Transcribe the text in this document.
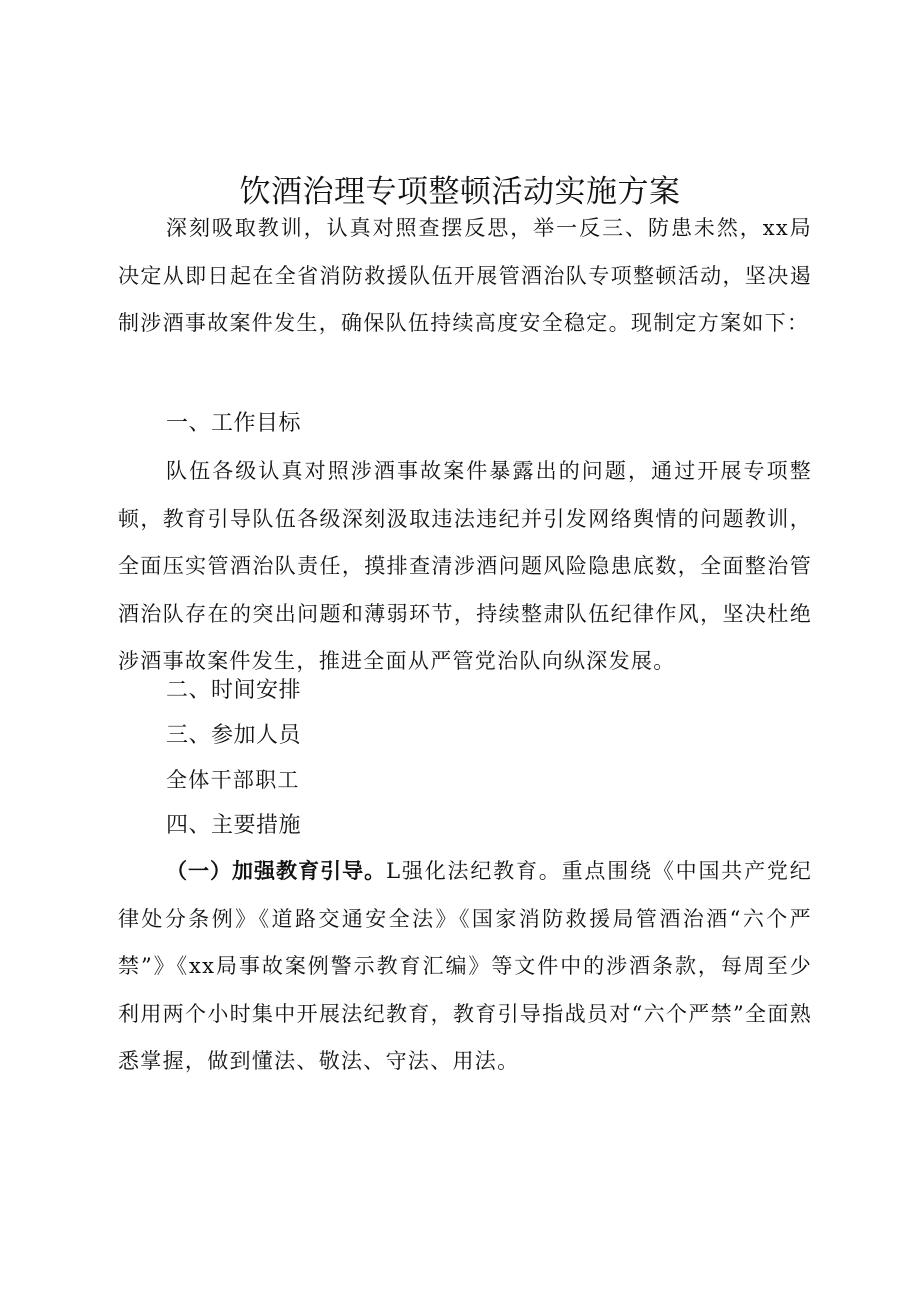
饮酒治理专项整顿活动实施方案

深刻吸取教训，认真对照查摆反思，举一反三、防患未然，xx局决定从即日起在全省消防救援队伍开展管酒治队专项整顿活动，坚决遏制涉酒事故案件发生，确保队伍持续高度安全稳定。现制定方案如下：

一、工作目标

队伍各级认真对照涉酒事故案件暴露出的问题，通过开展专项整顿，教育引导队伍各级深刻汲取违法违纪并引发网络舆情的问题教训，全面压实管酒治队责任，摸排查清涉酒问题风险隐患底数，全面整治管酒治队存在的突出问题和薄弱环节，持续整肃队伍纪律作风，坚决杜绝涉酒事故案件发生，推进全面从严管党治队向纵深发展。

二、时间安排
三、参加人员

全体干部职工

四、主要措施

（一）加强教育引导。L强化法纪教育。重点围绕《中国共产党纪律处分条例》《道路交通安全法》《国家消防救援局管酒治酒“六个严禁”》《xx局事故案例警示教育汇编》等文件中的涉酒条款，每周至少利用两个小时集中开展法纪教育，教育引导指战员对“六个严禁”全面熟悉掌握，做到懂法、敬法、守法、用法。
